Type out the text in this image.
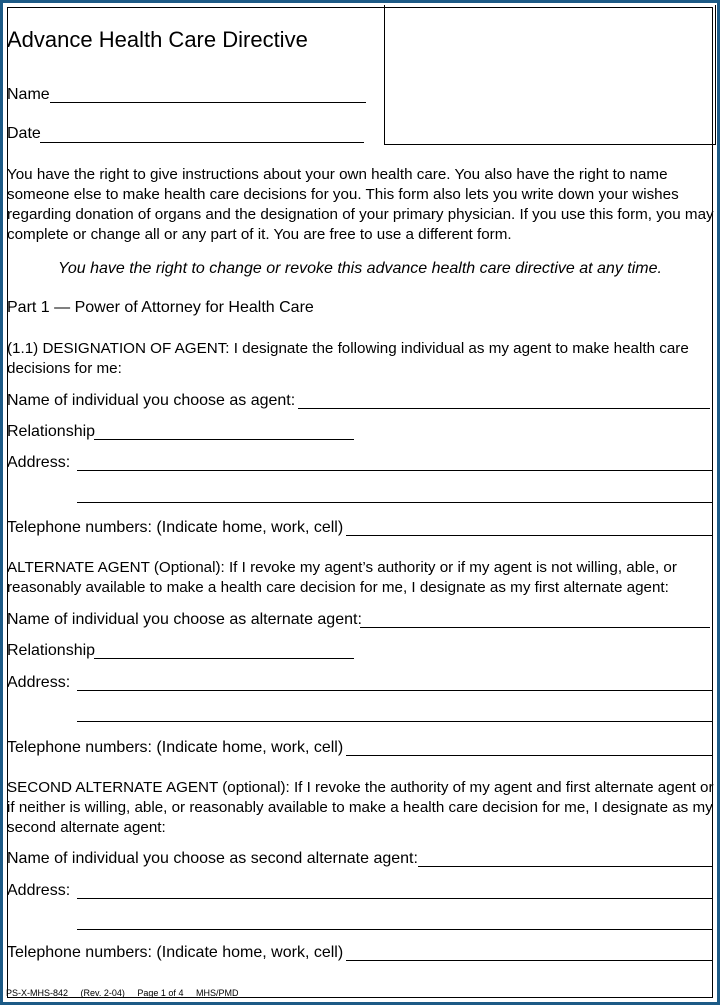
Advance Health Care Directive
Name
Date
You have the right to give instructions about your own health care. You also have the right to name someone else to make health care decisions for you. This form also lets you write down your wishes regarding donation of organs and the designation of your primary physician. If you use this form, you may complete or change all or any part of it. You are free to use a different form.
You have the right to change or revoke this advance health care directive at any time.
Part 1 — Power of Attorney for Health Care
(1.1) DESIGNATION OF AGENT: I designate the following individual as my agent to make health care decisions for me:
Name of individual you choose as agent:
Relationship
Address:
Telephone numbers: (Indicate home, work, cell)
ALTERNATE AGENT (Optional): If I revoke my agent’s authority or if my agent is not willing, able, or reasonably available to make a health care decision for me, I designate as my first alternate agent:
Name of individual you choose as alternate agent:
Relationship
Address:
Telephone numbers: (Indicate home, work, cell)
SECOND ALTERNATE AGENT (optional): If I revoke the authority of my agent and first alternate agent or if neither is willing, able, or reasonably available to make a health care decision for me, I designate as my second alternate agent:
Name of individual you choose as second alternate agent:
Address:
Telephone numbers: (Indicate home, work, cell)
PS-X-MHS-842 (Rev. 2-04) Page 1 of 4 MHS/PMD
